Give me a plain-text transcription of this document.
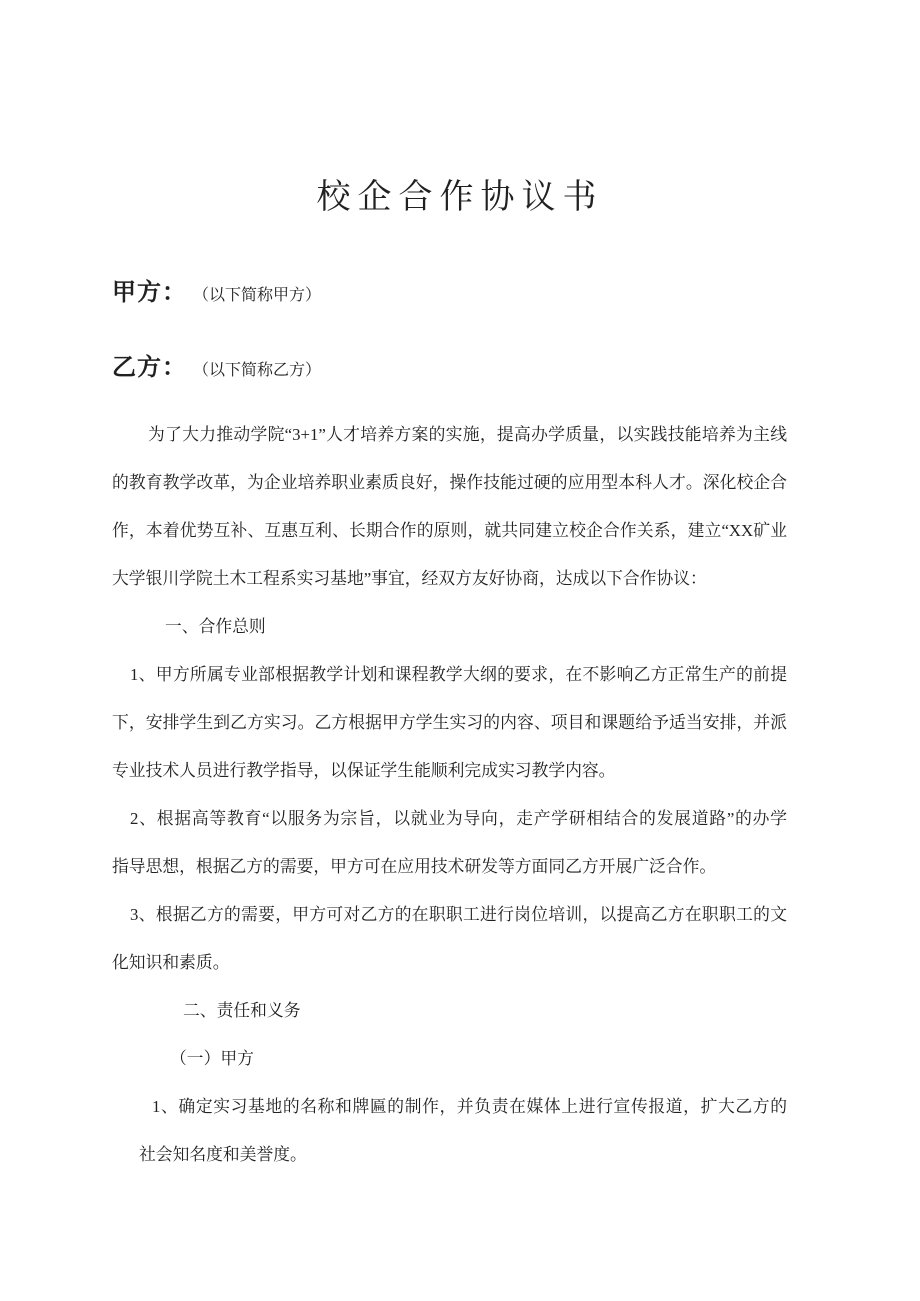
校企合作协议书
甲方： （以下简称甲方）
乙方： （以下简称乙方）
为了大力推动学院“3+1”人才培养方案的实施，提高办学质量，以实践技能培养为主线
的教育教学改革，为企业培养职业素质良好，操作技能过硬的应用型本科人才。深化校企合
作，本着优势互补、互惠互利、长期合作的原则，就共同建立校企合作关系，建立“XX矿业
大学银川学院土木工程系实习基地”事宜，经双方友好协商，达成以下合作协议：
一、合作总则
1、甲方所属专业部根据教学计划和课程教学大纲的要求，在不影响乙方正常生产的前提
下，安排学生到乙方实习。乙方根据甲方学生实习的内容、项目和课题给予适当安排，并派
专业技术人员进行教学指导，以保证学生能顺利完成实习教学内容。
2、根据高等教育“以服务为宗旨，以就业为导向，走产学研相结合的发展道路”的办学
指导思想，根据乙方的需要，甲方可在应用技术研发等方面同乙方开展广泛合作。
3、根据乙方的需要，甲方可对乙方的在职职工进行岗位培训，以提高乙方在职职工的文
化知识和素质。
二、责任和义务
（一）甲方
1、确定实习基地的名称和牌匾的制作，并负责在媒体上进行宣传报道，扩大乙方的
社会知名度和美誉度。
